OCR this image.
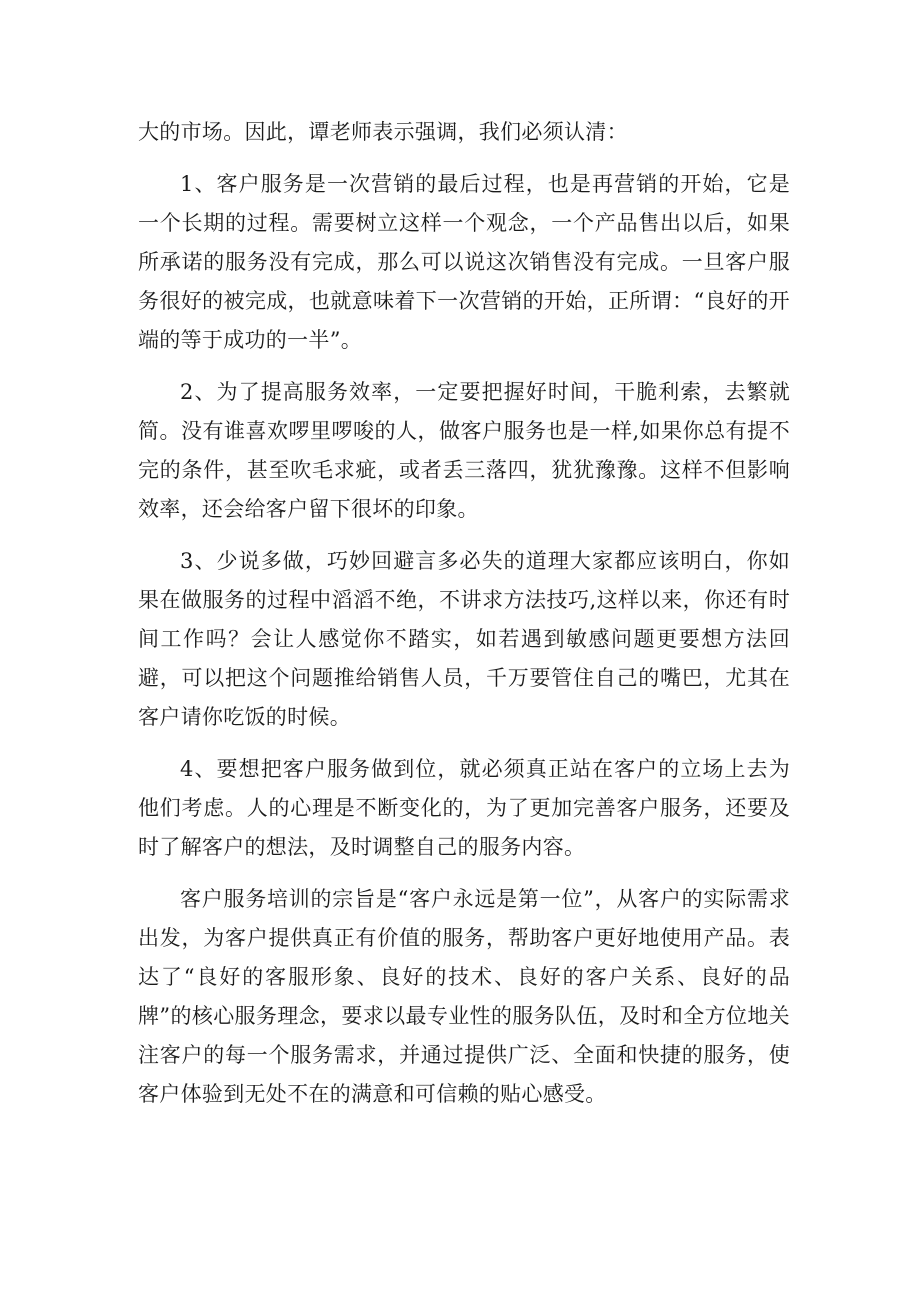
大的市场。因此，谭老师表示强调，我们必须认清：

1、客户服务是一次营销的最后过程，也是再营销的开始，它是一个长期的过程。需要树立这样一个观念，一个产品售出以后，如果所承诺的服务没有完成，那么可以说这次销售没有完成。一旦客户服务很好的被完成，也就意味着下一次营销的开始，正所谓：“良好的开端的等于成功的一半”。

2、为了提高服务效率，一定要把握好时间，干脆利索，去繁就简。没有谁喜欢啰里啰唆的人，做客户服务也是一样,如果你总有提不完的条件，甚至吹毛求疵，或者丢三落四，犹犹豫豫。这样不但影响效率，还会给客户留下很坏的印象。

3、少说多做，巧妙回避言多必失的道理大家都应该明白，你如果在做服务的过程中滔滔不绝，不讲求方法技巧,这样以来，你还有时间工作吗？会让人感觉你不踏实，如若遇到敏感问题更要想方法回避，可以把这个问题推给销售人员，千万要管住自己的嘴巴，尤其在客户请你吃饭的时候。

4、要想把客户服务做到位，就必须真正站在客户的立场上去为他们考虑。人的心理是不断变化的，为了更加完善客户服务，还要及时了解客户的想法，及时调整自己的服务内容。

客户服务培训的宗旨是“客户永远是第一位”，从客户的实际需求出发，为客户提供真正有价值的服务，帮助客户更好地使用产品。表达了“良好的客服形象、良好的技术、良好的客户关系、良好的品牌”的核心服务理念，要求以最专业性的服务队伍，及时和全方位地关注客户的每一个服务需求，并通过提供广泛、全面和快捷的服务，使客户体验到无处不在的满意和可信赖的贴心感受。
